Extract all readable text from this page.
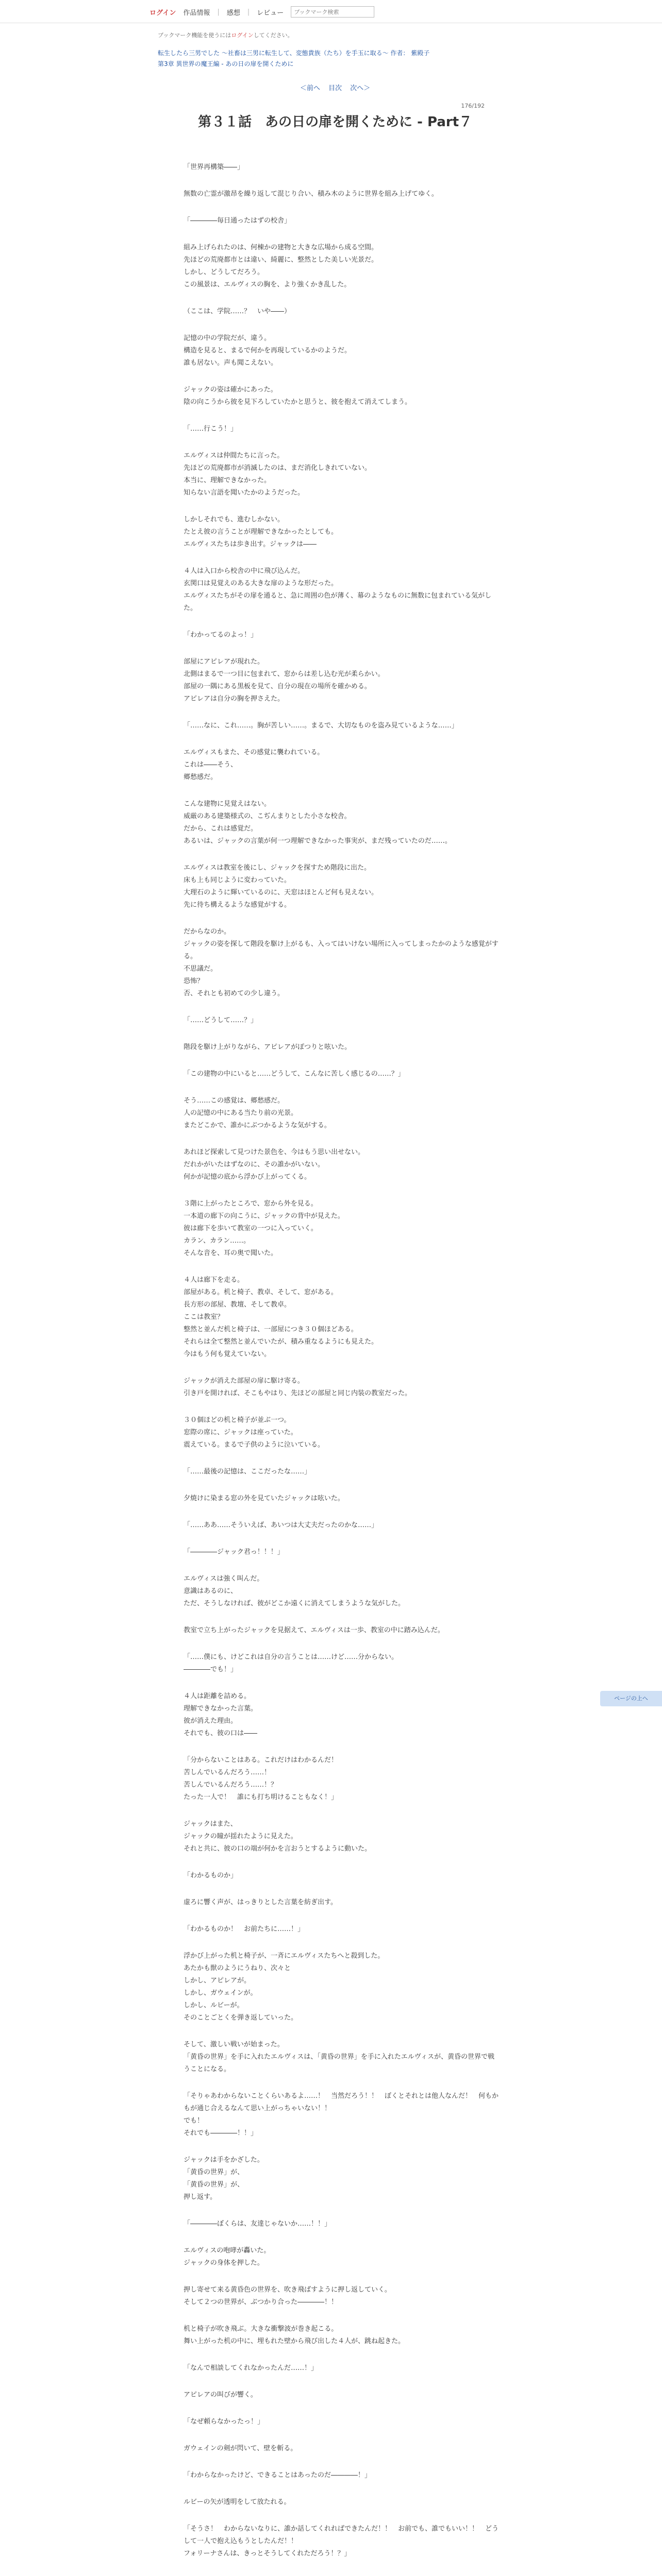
ログイン 作品情報 | 感想 | レビュー
ブックマーク検索
ブックマーク機能を使うにはログインしてください。
転生したら三男でした 〜社畜は三男に転生して、変態貴族（たち）を手玉に取る〜 作者： 紫殿子
第3章 異世界の魔王編 - あの日の扉を開くために
＜前へ 目次 次へ＞
176/192
第３１話　あの日の扉を開くために - Part７
「世界再構築――」
無数の亡霊が激昂を繰り返して混じり合い、積み木のように世界を組み上げてゆく。
「――――毎日通ったはずの校舎」
組み上げられたのは、何棟かの建物と大きな広場から成る空間。
先ほどの荒廃都市とは違い、綺麗に、整然とした美しい光景だ。
しかし、どうしてだろう。
この風景は、エルヴィスの胸を、より強くかき乱した。
（ここは、学院……？　いや――）
記憶の中の学院だが、違う。
構造を見ると、まるで何かを再現しているかのようだ。
誰も居ない。声も聞こえない。
ジャックの姿は確かにあった。
陰の向こうから彼を見下ろしていたかと思うと、彼を抱えて消えてしまう。
「……行こう！」
エルヴィスは仲間たちに言った。
先ほどの荒廃都市が消滅したのは、まだ消化しきれていない。
本当に、理解できなかった。
知らない言語を聞いたかのようだった。
しかしそれでも、進むしかない。
たとえ彼の言うことが理解できなかったとしても。
エルヴィスたちは歩き出す。ジャックは――
４人は入口から校舎の中に飛び込んだ。
玄関口は見覚えのある大きな扉のような形だった。
エルヴィスたちがその扉を通ると、急に周囲の色が薄く、幕のようなものに無数に包まれている気がした。
「わかってるのよっ！」
部屋にアピレアが現れた。
北側はまるで一つ目に包まれて、窓からは差し込む光が柔らかい。
部屋の一隅にある黒板を見て、自分の現在の場所を確かめる。
アピレアは自分の胸を押さえた。
「……なに、これ……。胸が苦しい……。まるで、大切なものを盗み見ているような……」
エルヴィスもまた、その感覚に襲われている。
これは――そう、
郷愁感だ。
こんな建物に見覚えはない。
威厳のある建築様式の、こぢんまりとした小さな校舎。
だから、これは感覚だ。
あるいは、ジャックの言葉が何一つ理解できなかった事実が、まだ残っていたのだ……。
エルヴィスは教室を後にし、ジャックを探すため階段に出た。
床も上も同じように変わっていた。
大理石のように輝いているのに、天窓はほとんど何も見えない。
先に待ち構えるような感覚がする。
だからなのか。
ジャックの姿を探して階段を駆け上がるも、入ってはいけない場所に入ってしまったかのような感覚がする。
不思議だ。
恐怖？
否、それとも初めての少し違う。
「……どうして……？」
階段を駆け上がりながら、アピレアがぽつりと呟いた。
「この建物の中にいると……どうして、こんなに苦しく感じるの……？」
そう……この感覚は、郷愁感だ。
人の記憶の中にある当たり前の光景。
またどこかで、誰かにぶつかるような気がする。
あれほど探索して見つけた景色を、今はもう思い出せない。
だれかがいたはずなのに、その誰かがいない。
何かが記憶の底から浮かび上がってくる。
３階に上がったところで、窓から外を見る。
一本道の廊下の向こうに、ジャックの背中が見えた。
彼は廊下を歩いて教室の一つに入っていく。
カラン、カラン……。
そんな音を、耳の奥で聞いた。
４人は廊下を走る。
部屋がある。机と椅子、教卓、そして、窓がある。
長方形の部屋、教壇、そして教卓。
ここは教室？
整然と並んだ机と椅子は、一部屋につき３０個ほどある。
それらは全て整然と並んでいたが、積み重なるようにも見えた。
今はもう何も覚えていない。
ジャックが消えた部屋の扉に駆け寄る。
引き戸を開ければ、そこもやはり、先ほどの部屋と同じ内装の教室だった。
３０個ほどの机と椅子が並ぶ一つ。
窓際の席に、ジャックは座っていた。
震えている。まるで子供のように泣いている。
「……最後の記憶は、ここだったな……」
夕焼けに染まる窓の外を見ていたジャックは呟いた。
「……ああ……そういえば、あいつは大丈夫だったのかな……」
「――――ジャック君っ！！！」
エルヴィスは強く叫んだ。
意識はあるのに、
ただ、そうしなければ、彼がどこか遠くに消えてしまうような気がした。
教室で立ち上がったジャックを見据えて、エルヴィスは一歩、教室の中に踏み込んだ。
「……僕にも、けどこれは自分の言うことは……けど……分からない。
――――でも！」
４人は距離を詰める。
理解できなかった言葉。
彼が消えた理由。
それでも、彼の口は――

「分からないことはある。これだけはわかるんだ！
苦しんでいるんだろう……！
苦しんでいるんだろう……！？
たった一人で！　誰にも打ち明けることもなく！」
ジャックはまた、
ジャックの瞳が揺れたように見えた。
それと共に、彼の口の端が何かを言おうとするように動いた。
「わかるものか」
虚ろに響く声が、はっきりとした言葉を紡ぎ出す。
「わかるものか！　お前たちに……！」
浮かび上がった机と椅子が、一斉にエルヴィスたちへと殺到した。
あたかも獣のようにうねり、次々と
しかし、アピレアが。
しかし、ガウェインが。
しかし、ルビーが。
そのことごとくを弾き返していった。
そして、激しい戦いが始まった。
「黄昏の世界」を手に入れたエルヴィスは、「黄昏の世界」を手に入れたエルヴィスが、黄昏の世界で戦うことになる。
「そりゃあわからないことくらいあるよ……！　当然だろう！！　ぼくとそれとは他人なんだ！　何もかもが通じ合えるなんて思い上がっちゃいない！！
でも！
それでも――――！！」
ジャックは手をかざした。
「黄昏の世界」が、
「黄昏の世界」が、
押し返す。
「――――ぼくらは、友達じゃないか……！！」
エルヴィスの咆哮が轟いた。
ジャックの身体を押した。
押し寄せて来る黄昏色の世界を、吹き飛ばすように押し返していく。
そして２つの世界が、ぶつかり合った――――！！
机と椅子が吹き飛ぶ。大きな衝撃波が巻き起こる。
舞い上がった机の中に、埋もれた壁から飛び出した４人が、跳ね起きた。
「なんで相談してくれなかったんだ……！」
アピレアの叫びが響く。
「なぜ頼らなかったっ！」
ガウェインの剣が閃いて、壁を斬る。
「わからなかったけど、できることはあったのだ――――！」
ルビーの矢が透明をして放たれる。
「そうさ！　わからないなりに、誰か話してくれればできたんだ！！　お前でも、誰でもいい！！　どうして一人で抱え込もうとしたんだ！！
フォリーナさんは、きっとそうしてくれただろう！？」
ページの上へ
